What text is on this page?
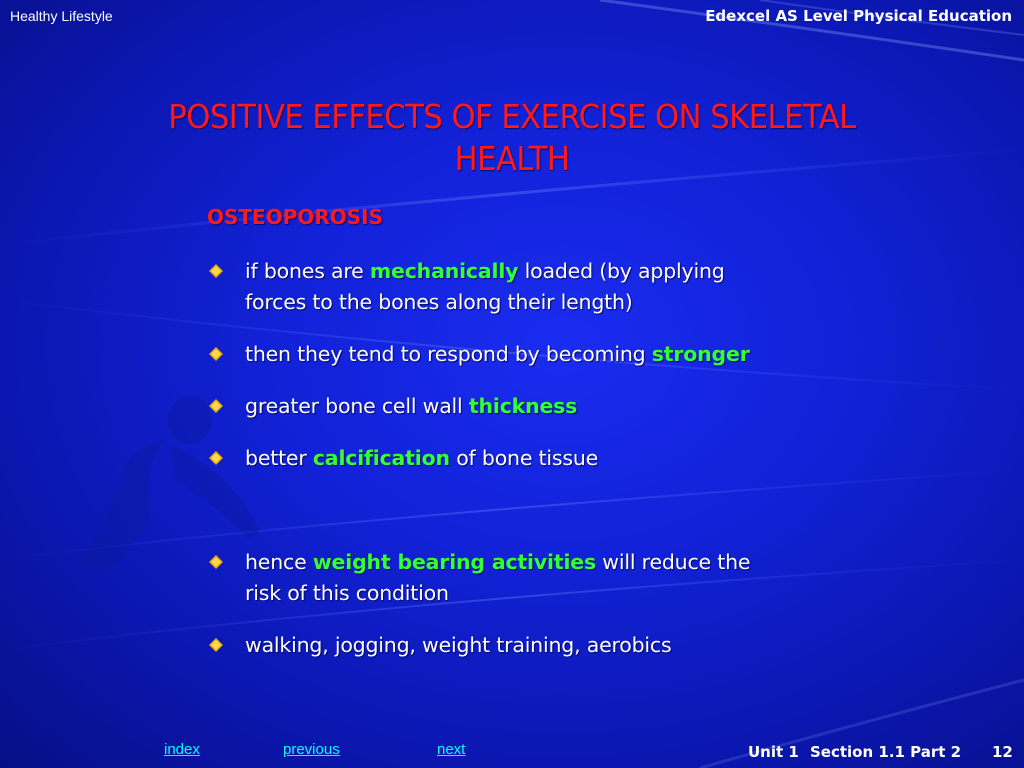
Healthy Lifestyle	Edexcel AS Level Physical Education
POSITIVE EFFECTS OF EXERCISE ON SKELETAL
HEALTH
OSTEOPOROSIS
if bones are mechanically loaded (by applying
forces to the bones along their length)
then they tend to respond by becoming stronger
greater bone cell wall thickness
better calcification of bone tissue
hence weight bearing activities will reduce the
risk of this condition
walking, jogging, weight training, aerobics
index	previous	next	Unit 1 Section 1.1 Part 2 12
